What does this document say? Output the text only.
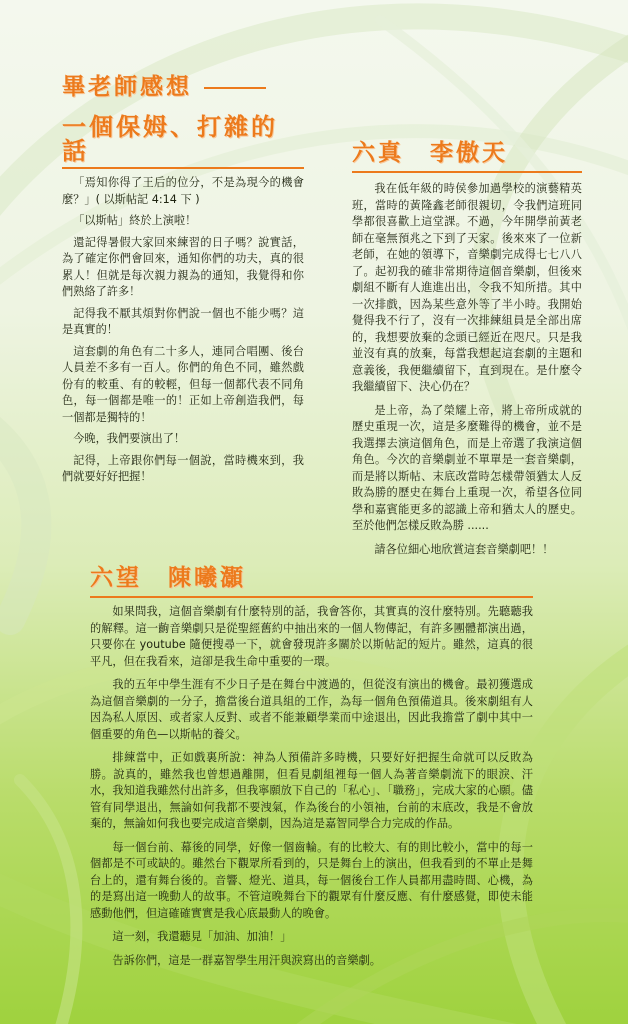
畢老師感想
一個保姆、打雜的話

「焉知你得了王后的位分，不是為現今的機會麼？」( 以斯帖記 4:14 下 )

「以斯帖」終於上演啦！

還記得暑假大家回來練習的日子嗎？說實話，為了確定你們會回來，通知你們的功夫，真的很累人！但就是每次親力親為的通知，我覺得和你們熟絡了許多！

記得我不厭其煩對你們說一個也不能少嗎？這是真實的！

這套劇的角色有二十多人，連同合唱團、後台人員差不多有一百人。你們的角色不同，雖然戲份有的較重、有的較輕，但每一個都代表不同角色，每一個都是唯一的！正如上帝創造我們，每一個都是獨特的！

今晚，我們要演出了！

記得，上帝跟你們每一個說，當時機來到，我們就要好好把握！

六真　李傲天

我在低年級的時侯參加過學校的演藝精英班，當時的黃隆鑫老師很親切，令我們這班同學都很喜歡上這堂課。不過，今年開學前黃老師在毫無預兆之下到了天家。後來來了一位新老師，在她的領導下，音樂劇完成得七七八八了。起初我的確非常期待這個音樂劇，但後來劇組不斷有人進進出出，令我不知所措。其中一次排戲，因為某些意外等了半小時。我開始覺得我不行了，沒有一次排練組員是全部出席的，我想要放棄的念頭已經近在咫尺。只是我並沒有真的放棄，每當我想起這套劇的主題和意義後，我便繼續留下，直到現在。是什麼令我繼續留下、決心仍在？

是上帝，為了榮耀上帝，將上帝所成就的歷史重現一次，這是多麼難得的機會，並不是我選擇去演這個角色，而是上帝選了我演這個角色。今次的音樂劇並不單單是一套音樂劇，而是將以斯帖、末底改當時怎樣帶領猶太人反敗為勝的歷史在舞台上重現一次，希望各位同學和嘉賓能更多的認識上帝和猶太人的歷史。至於他們怎樣反敗為勝 ......

請各位細心地欣賞這套音樂劇吧！！

六望　陳曦灝

如果問我，這個音樂劇有什麼特別的話，我會答你，其實真的沒什麼特別。先聽聽我的解釋。這一齣音樂劇只是從聖經舊約中抽出來的一個人物傳記，有許多團體都演出過，只要你在 youtube 隨便搜尋一下，就會發現許多關於以斯帖記的短片。雖然，這真的很平凡，但在我看來，這卻是我生命中重要的一環。

我的五年中學生涯有不少日子是在舞台中渡過的，但從沒有演出的機會。最初獲選成為這個音樂劇的一分子，擔當後台道具組的工作，為每一個角色預備道具。後來劇組有人因為私人原因、或者家人反對、或者不能兼顧學業而中途退出，因此我擔當了劇中其中一個重要的角色—以斯帖的養父。

排練當中，正如戲裏所說：神為人預備許多時機，只要好好把握生命就可以反敗為勝。說真的，雖然我也曾想過離開，但看見劇組裡每一個人為著音樂劇流下的眼淚、汗水，我知道我雖然付出許多，但我寧願放下自己的「私心」、「職務」，完成大家的心願。儘管有同學退出，無論如何我都不要洩氣，作為後台的小領袖，台前的末底改，我是不會放棄的，無論如何我也要完成這音樂劇，因為這是嘉智同學合力完成的作品。

每一個台前、幕後的同學，好像一個齒輪。有的比較大、有的則比較小，當中的每一個都是不可或缺的。雖然台下觀眾所看到的，只是舞台上的演出，但我看到的不單止是舞台上的，還有舞台後的。音響、燈光、道具，每一個後台工作人員都用盡時間、心機，為的是寫出這一晚動人的故事。不管這晚舞台下的觀眾有什麼反應、有什麼感覺，即使未能感動他們，但這確確實實是我心底最動人的晚會。

這一刻，我還聽見「加油、加油！」

告訴你們，這是一群嘉智學生用汗與淚寫出的音樂劇。
